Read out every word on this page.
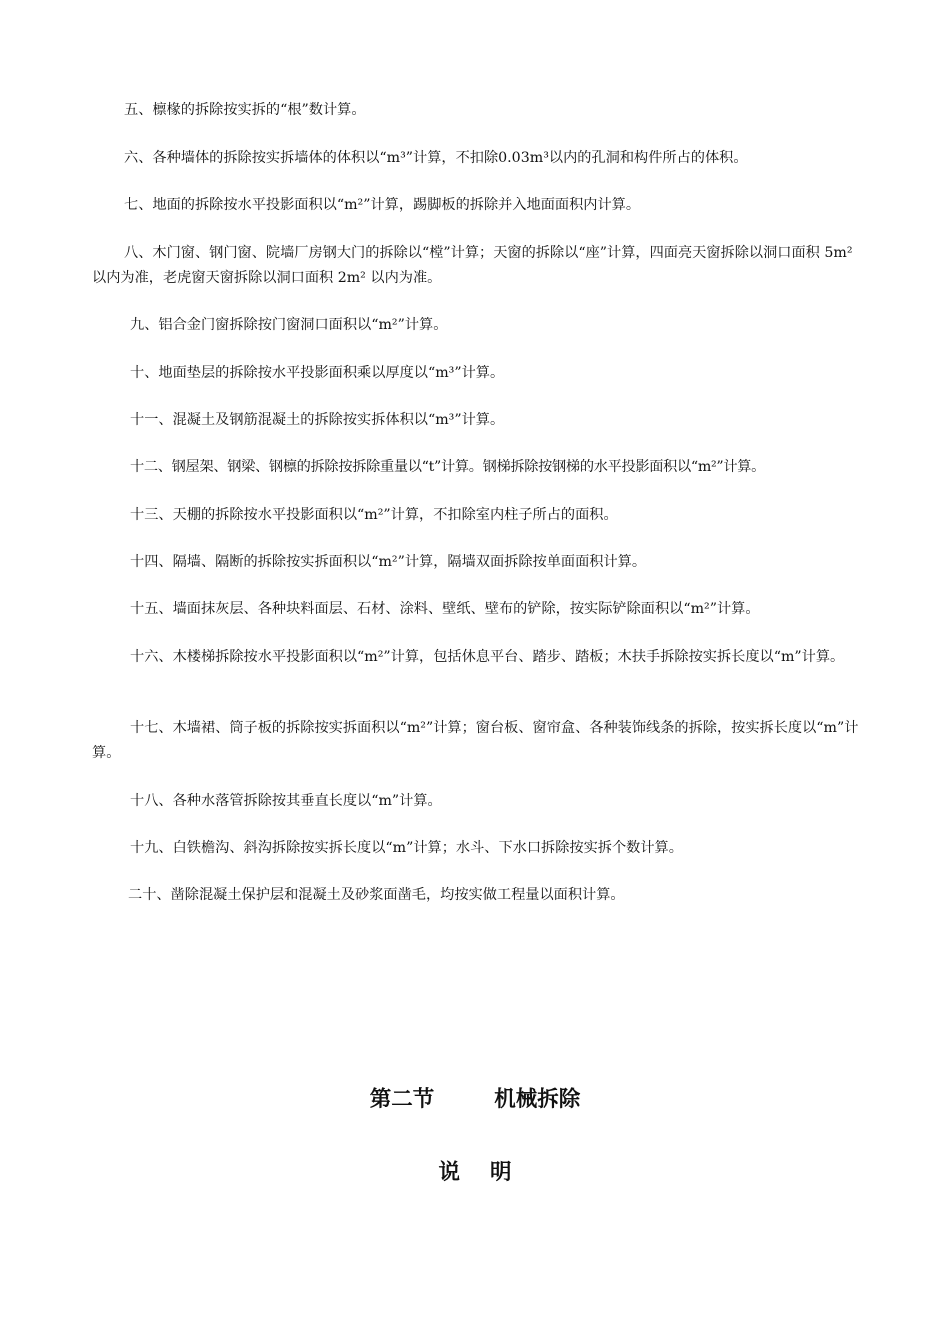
五、檩椽的拆除按实拆的“根”数计算。

六、各种墙体的拆除按实拆墙体的体积以“m³”计算，不扣除0.03m³以内的孔洞和构件所占的体积。

七、地面的拆除按水平投影面积以“m²”计算，踢脚板的拆除并入地面面积内计算。

八、木门窗、钢门窗、院墙厂房钢大门的拆除以“樘”计算；天窗的拆除以“座”计算，四面亮天窗拆除以洞口面积 5m² 以内为准，老虎窗天窗拆除以洞口面积 2m² 以内为准。

九、铝合金门窗拆除按门窗洞口面积以“m²”计算。

十、地面垫层的拆除按水平投影面积乘以厚度以“m³”计算。

十一、混凝土及钢筋混凝土的拆除按实拆体积以“m³”计算。

十二、钢屋架、钢梁、钢檩的拆除按拆除重量以“t”计算。钢梯拆除按钢梯的水平投影面积以“m²”计算。

十三、天棚的拆除按水平投影面积以“m²”计算，不扣除室内柱子所占的面积。

十四、隔墙、隔断的拆除按实拆面积以“m²”计算，隔墙双面拆除按单面面积计算。

十五、墙面抹灰层、各种块料面层、石材、涂料、壁纸、壁布的铲除，按实际铲除面积以“m²”计算。

十六、木楼梯拆除按水平投影面积以“m²”计算，包括休息平台、踏步、踏板；木扶手拆除按实拆长度以“m”计算。

十七、木墙裙、筒子板的拆除按实拆面积以“m²”计算；窗台板、窗帘盒、各种装饰线条的拆除，按实拆长度以“m”计算。

十八、各种水落管拆除按其垂直长度以“m”计算。

十九、白铁檐沟、斜沟拆除按实拆长度以“m”计算；水斗、下水口拆除按实拆个数计算。

二十、凿除混凝土保护层和混凝土及砂浆面凿毛，均按实做工程量以面积计算。

第二节	机械拆除
说 明
